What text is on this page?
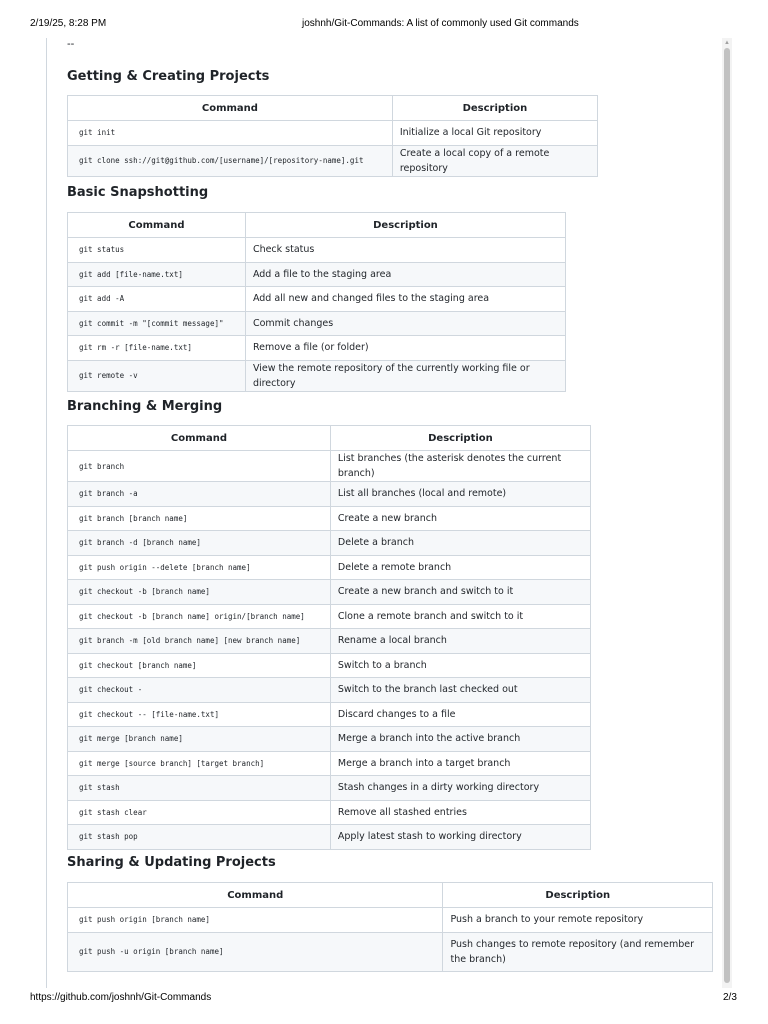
2/19/25, 8:28 PM	joshnh/Git-Commands: A list of commonly used Git commands
▲
--
Getting & Creating Projects
Command	Description
git init	Initialize a local Git repository
git clone ssh://git@github.com/[username]/[repository-name].git	Create a local copy of a remote repository
Basic Snapshotting
Command	Description
git status	Check status
git add [file-name.txt]	Add a file to the staging area
git add -A	Add all new and changed files to the staging area
git commit -m "[commit message]"	Commit changes
git rm -r [file-name.txt]	Remove a file (or folder)
git remote -v	View the remote repository of the currently working file or directory
Branching & Merging
Command	Description
git branch	List branches (the asterisk denotes the current branch)
git branch -a	List all branches (local and remote)
git branch [branch name]	Create a new branch
git branch -d [branch name]	Delete a branch
git push origin --delete [branch name]	Delete a remote branch
git checkout -b [branch name]	Create a new branch and switch to it
git checkout -b [branch name] origin/[branch name]	Clone a remote branch and switch to it
git branch -m [old branch name] [new branch name]	Rename a local branch
git checkout [branch name]	Switch to a branch
git checkout -	Switch to the branch last checked out
git checkout -- [file-name.txt]	Discard changes to a file
git merge [branch name]	Merge a branch into the active branch
git merge [source branch] [target branch]	Merge a branch into a target branch
git stash	Stash changes in a dirty working directory
git stash clear	Remove all stashed entries
git stash pop	Apply latest stash to working directory
Sharing & Updating Projects
Command	Description
git push origin [branch name]	Push a branch to your remote repository
git push -u origin [branch name]	Push changes to remote repository (and remember the branch)
https://github.com/joshnh/Git-Commands	2/3
